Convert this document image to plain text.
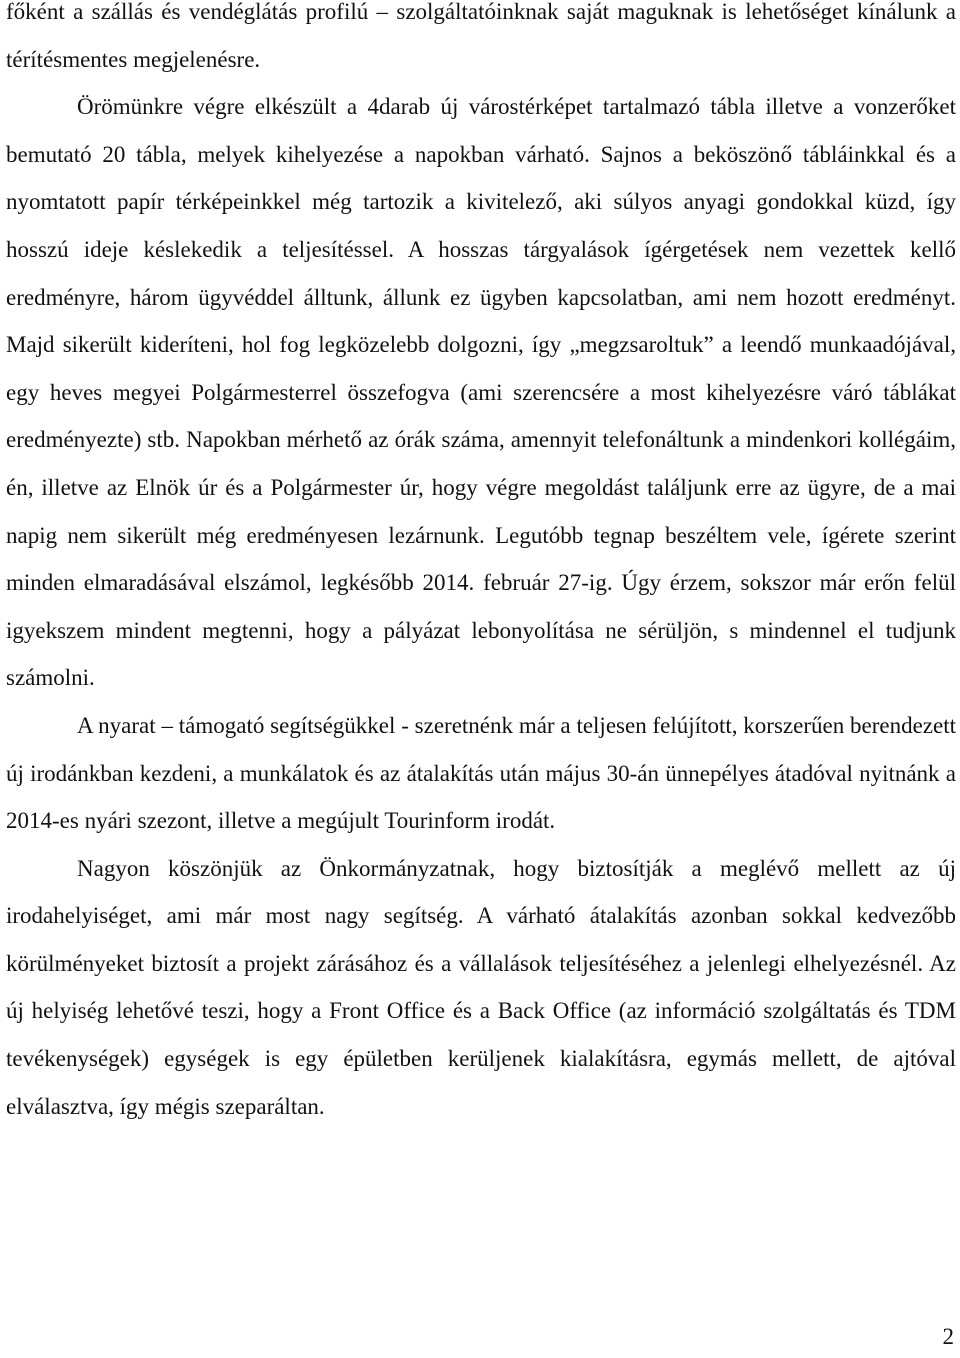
főként a szállás és vendéglátás profilú – szolgáltatóinknak saját maguknak is lehetőséget kínálunk a térítésmentes megjelenésre.

Örömünkre végre elkészült a 4darab új várostérképet tartalmazó tábla illetve a vonzerőket bemutató 20 tábla, melyek kihelyezése a napokban várható. Sajnos a beköszönő tábláinkkal és a nyomtatott papír térképeinkkel még tartozik a kivitelező, aki súlyos anyagi gondokkal küzd, így hosszú ideje késlekedik a teljesítéssel. A hosszas tárgyalások ígérgetések nem vezettek kellő eredményre, három ügyvéddel álltunk, állunk ez ügyben kapcsolatban, ami nem hozott eredményt. Majd sikerült kideríteni, hol fog legközelebb dolgozni, így „megzsaroltuk” a leendő munkaadójával, egy heves megyei Polgármesterrel összefogva (ami szerencsére a most kihelyezésre váró táblákat eredményezte) stb. Napokban mérhető az órák száma, amennyit telefonáltunk a mindenkori kollégáim, én, illetve az Elnök úr és a Polgármester úr, hogy végre megoldást találjunk erre az ügyre, de a mai napig nem sikerült még eredményesen lezárnunk. Legutóbb tegnap beszéltem vele, ígérete szerint minden elmaradásával elszámol, legkésőbb 2014. február 27-ig. Úgy érzem, sokszor már erőn felül igyekszem mindent megtenni, hogy a pályázat lebonyolítása ne sérüljön, s mindennel el tudjunk számolni.

A nyarat – támogató segítségükkel - szeretnénk már a teljesen felújított, korszerűen berendezett új irodánkban kezdeni, a munkálatok és az átalakítás után május 30-án ünnepélyes átadóval nyitnánk a 2014-es nyári szezont, illetve a megújult Tourinform irodát.

Nagyon köszönjük az Önkormányzatnak, hogy biztosítják a meglévő mellett az új irodahelyiséget, ami már most nagy segítség. A várható átalakítás azonban sokkal kedvezőbb körülményeket biztosít a projekt zárásához és a vállalások teljesítéséhez a jelenlegi elhelyezésnél. Az új helyiség lehetővé teszi, hogy a Front Office és a Back Office (az információ szolgáltatás és TDM tevékenységek) egységek is egy épületben kerüljenek kialakításra, egymás mellett, de ajtóval elválasztva, így mégis szeparáltan.

2
